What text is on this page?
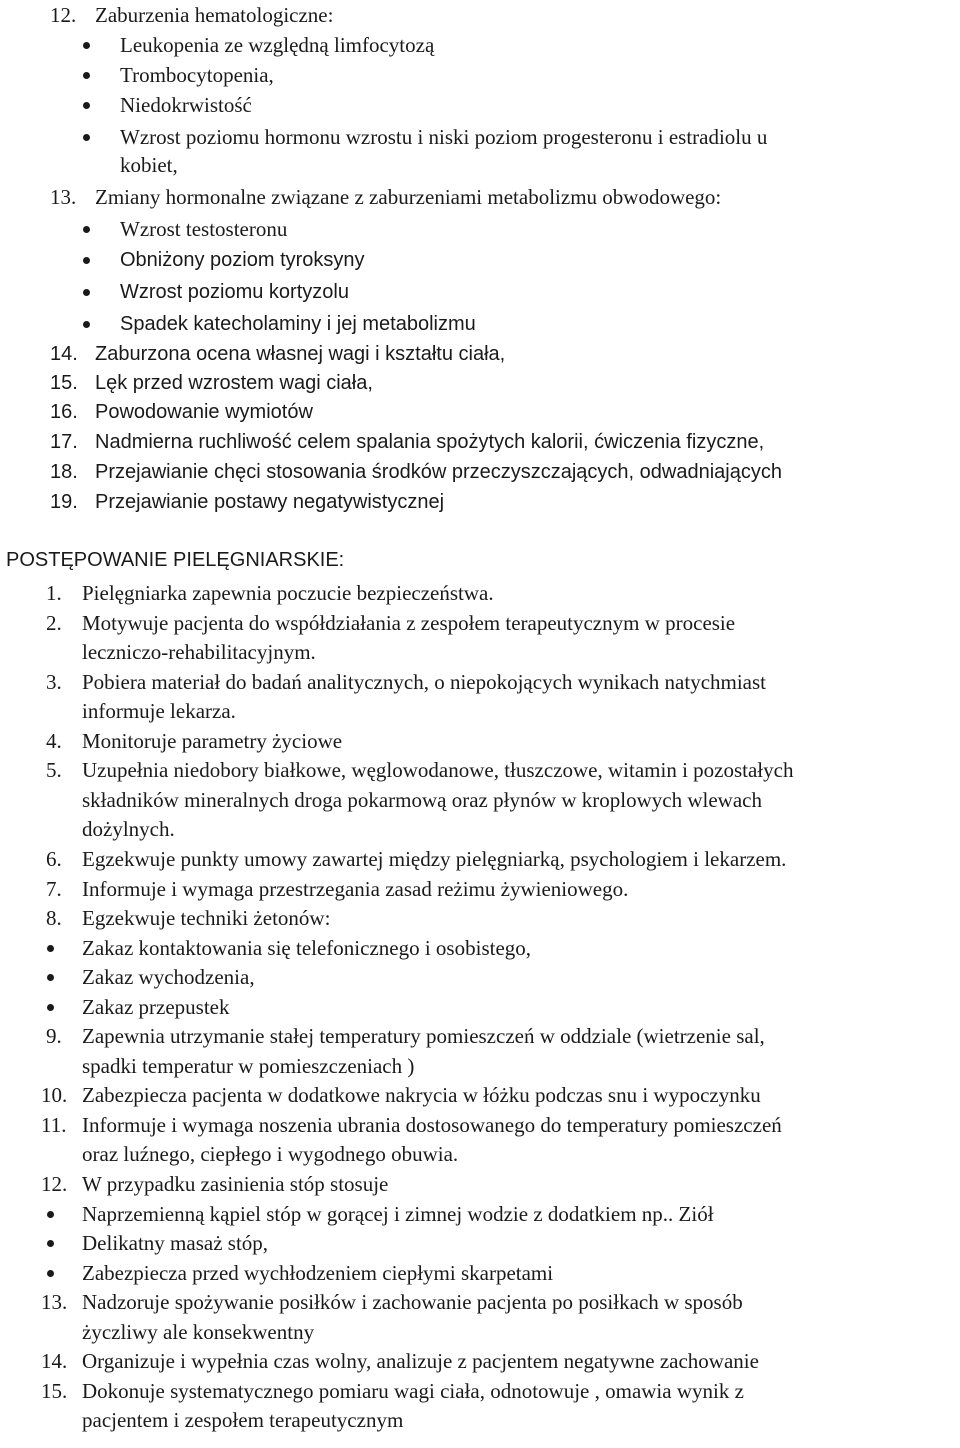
12. Zaburzenia hematologiczne:
Leukopenia ze względną limfocytozą
Trombocytopenia,
Niedokrwistość
Wzrost poziomu hormonu wzrostu i niski poziom progesteronu i estradiolu u
kobiet,
13. Zmiany hormonalne związane z zaburzeniami metabolizmu obwodowego:
Wzrost testosteronu
Obniżony poziom tyroksyny
Wzrost poziomu kortyzolu
Spadek katecholaminy i jej metabolizmu
14. Zaburzona ocena własnej wagi i kształtu ciała,
15. Lęk przed wzrostem wagi ciała,
16. Powodowanie wymiotów
17. Nadmierna ruchliwość celem spalania spożytych kalorii, ćwiczenia fizyczne,
18. Przejawianie chęci stosowania środków przeczyszczających, odwadniających
19. Przejawianie postawy negatywistycznej
POSTĘPOWANIE PIELĘGNIARSKIE:
1. Pielęgniarka zapewnia poczucie bezpieczeństwa.
2. Motywuje pacjenta do współdziałania z zespołem terapeutycznym w procesie
leczniczo-rehabilitacyjnym.
3. Pobiera materiał do badań analitycznych, o niepokojących wynikach natychmiast
informuje lekarza.
4. Monitoruje parametry życiowe
5. Uzupełnia niedobory białkowe, węglowodanowe, tłuszczowe, witamin i pozostałych
składników mineralnych droga pokarmową oraz płynów w kroplowych wlewach
dożylnych.
6. Egzekwuje punkty umowy zawartej między pielęgniarką, psychologiem i lekarzem.
7. Informuje i wymaga przestrzegania zasad reżimu żywieniowego.
8. Egzekwuje techniki żetonów:
Zakaz kontaktowania się telefonicznego i osobistego,
Zakaz wychodzenia,
Zakaz przepustek
9. Zapewnia utrzymanie stałej temperatury pomieszczeń w oddziale (wietrzenie sal,
spadki temperatur w pomieszczeniach )
10. Zabezpiecza pacjenta w dodatkowe nakrycia w łóżku podczas snu i wypoczynku
11. Informuje i wymaga noszenia ubrania dostosowanego do temperatury pomieszczeń
oraz luźnego, ciepłego i wygodnego obuwia.
12. W przypadku zasinienia stóp stosuje
Naprzemienną kąpiel stóp w gorącej i zimnej wodzie z dodatkiem np.. Ziół
Delikatny masaż stóp,
Zabezpiecza przed wychłodzeniem ciepłymi skarpetami
13. Nadzoruje spożywanie posiłków i zachowanie pacjenta po posiłkach w sposób
życzliwy ale konsekwentny
14. Organizuje i wypełnia czas wolny, analizuje z pacjentem negatywne zachowanie
15. Dokonuje systematycznego pomiaru wagi ciała, odnotowuje , omawia wynik z
pacjentem i zespołem terapeutycznym
